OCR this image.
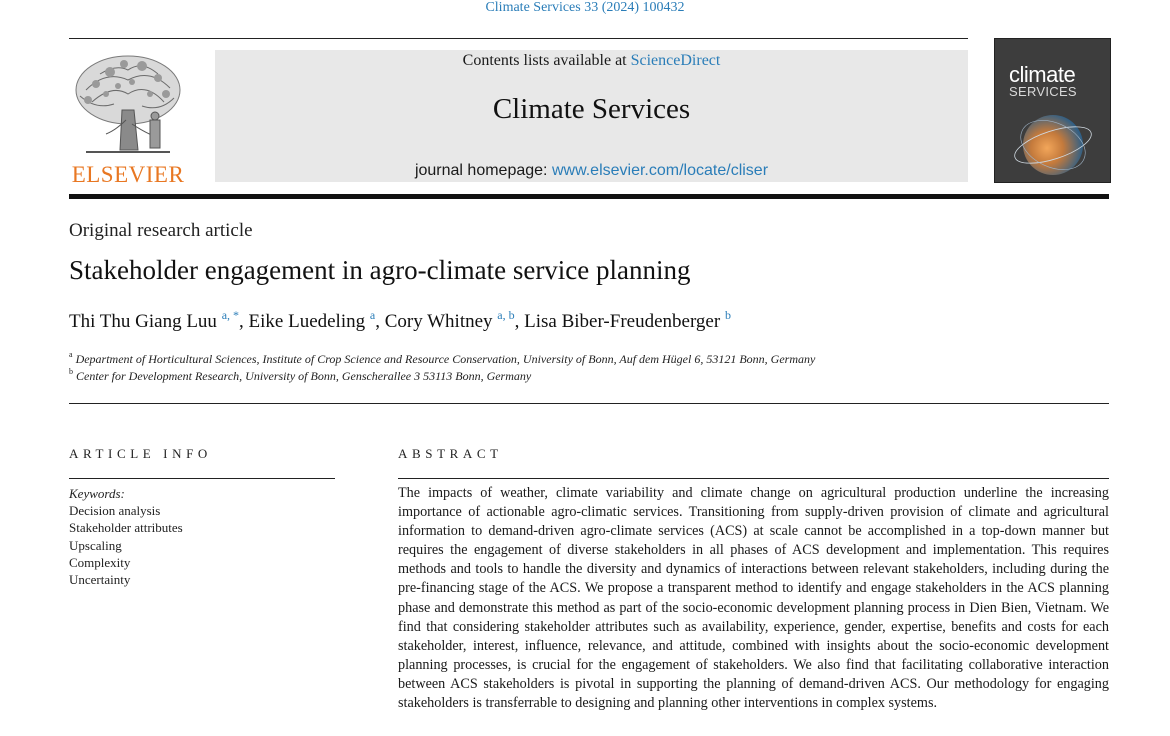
Climate Services 33 (2024) 100432
ELSEVIER
Contents lists available at ScienceDirect
Climate Services
journal homepage: www.elsevier.com/locate/cliser
climate
SERVICES
Original research article
Stakeholder engagement in agro-climate service planning
Thi Thu Giang Luu $^{a, *}$, Eike Luedeling $^a$, Cory Whitney $^{a, b}$, Lisa Biber-Freudenberger $^b$
$^a$ Department of Horticultural Sciences, Institute of Crop Science and Resource Conservation, University of Bonn, Auf dem Hügel 6, 53121 Bonn, Germany
$^b$ Center for Development Research, University of Bonn, Genscherallee 3 53113 Bonn, Germany
ARTICLE INFO	ABSTRACT
Keywords:
Decision analysis
Stakeholder attributes
Upscaling
Complexity
Uncertainty
The impacts of weather, climate variability and climate change on agricultural production underline the increasing importance of actionable agro-climatic services. Transitioning from supply-driven provision of climate and agricultural information to demand-driven agro-climate services (ACS) at scale cannot be accomplished in a top-down manner but requires the engagement of diverse stakeholders in all phases of ACS development and implementation. This requires methods and tools to handle the diversity and dynamics of interactions between relevant stakeholders, including during the pre-financing stage of the ACS. We propose a transparent method to identify and engage stakeholders in the ACS planning phase and demonstrate this method as part of the socio-economic development planning process in Dien Bien, Vietnam. We find that considering stakeholder attributes such as availability, experience, gender, expertise, benefits and costs for each stakeholder, interest, influence, relevance, and attitude, combined with insights about the socio-economic development planning processes, is crucial for the engagement of stakeholders. We also find that facilitating collaborative interaction between ACS stakeholders is pivotal in supporting the planning of demand-driven ACS. Our methodology for engaging stakeholders is transferrable to designing and planning other interventions in complex systems.
